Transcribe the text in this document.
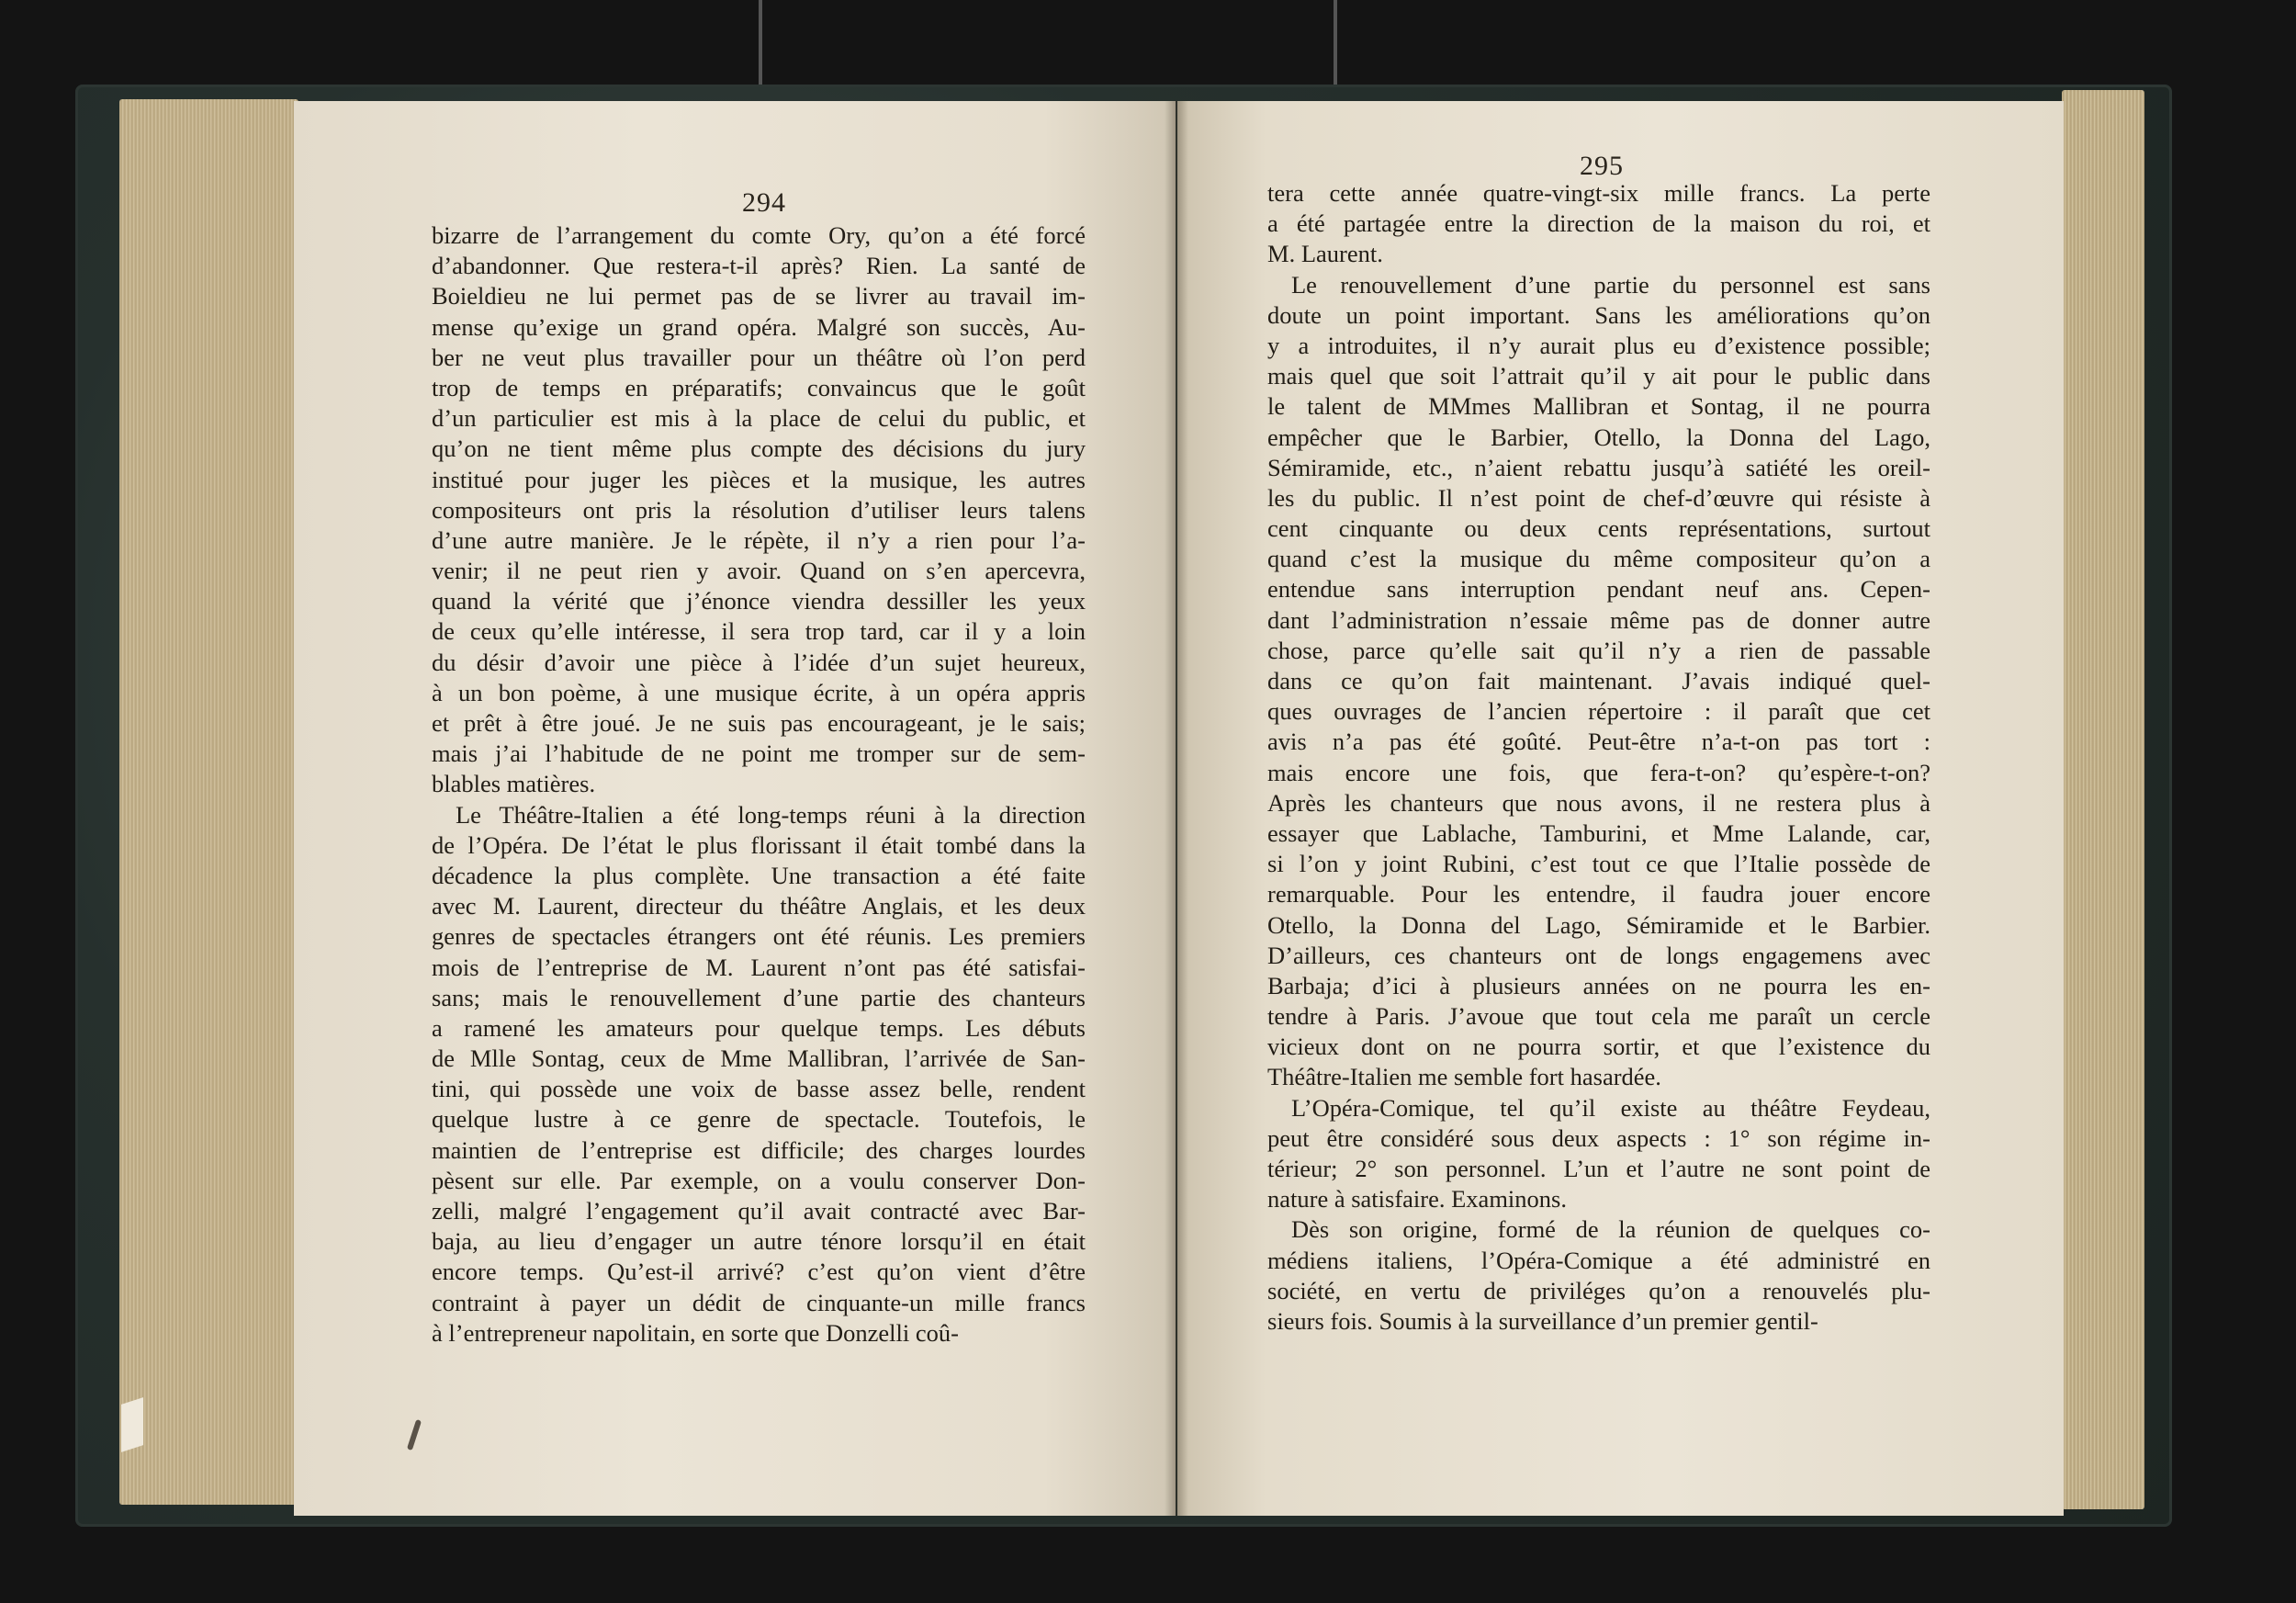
294
295
bizarre de l’arrangement du comte Ory, qu’on a été forcé
d’abandonner. Que restera-t-il après? Rien. La santé de
Boieldieu ne lui permet pas de se livrer au travail im-
mense qu’exige un grand opéra. Malgré son succès, Au-
ber ne veut plus travailler pour un théâtre où l’on perd
trop de temps en préparatifs; convaincus que le goût
d’un particulier est mis à la place de celui du public, et
qu’on ne tient même plus compte des décisions du jury
institué pour juger les pièces et la musique, les autres
compositeurs ont pris la résolution d’utiliser leurs talens
d’une autre manière. Je le répète, il n’y a rien pour l’a-
venir; il ne peut rien y avoir. Quand on s’en apercevra,
quand la vérité que j’énonce viendra dessiller les yeux
de ceux qu’elle intéresse, il sera trop tard, car il y a loin
du désir d’avoir une pièce à l’idée d’un sujet heureux,
à un bon poème, à une musique écrite, à un opéra appris
et prêt à être joué. Je ne suis pas encourageant, je le sais;
mais j’ai l’habitude de ne point me tromper sur de sem-
blables matières.
Le Théâtre-Italien a été long-temps réuni à la direction
de l’Opéra. De l’état le plus florissant il était tombé dans la
décadence la plus complète. Une transaction a été faite
avec M. Laurent, directeur du théâtre Anglais, et les deux
genres de spectacles étrangers ont été réunis. Les premiers
mois de l’entreprise de M. Laurent n’ont pas été satisfai-
sans; mais le renouvellement d’une partie des chanteurs
a ramené les amateurs pour quelque temps. Les débuts
de Mlle Sontag, ceux de Mme Mallibran, l’arrivée de San-
tini, qui possède une voix de basse assez belle, rendent
quelque lustre à ce genre de spectacle. Toutefois, le
maintien de l’entreprise est difficile; des charges lourdes
pèsent sur elle. Par exemple, on a voulu conserver Don-
zelli, malgré l’engagement qu’il avait contracté avec Bar-
baja, au lieu d’engager un autre ténore lorsqu’il en était
encore temps. Qu’est-il arrivé? c’est qu’on vient d’être
contraint à payer un dédit de cinquante-un mille francs
à l’entrepreneur napolitain, en sorte que Donzelli coû-
tera cette année quatre-vingt-six mille francs. La perte
a été partagée entre la direction de la maison du roi, et
M. Laurent.
Le renouvellement d’une partie du personnel est sans
doute un point important. Sans les améliorations qu’on
y a introduites, il n’y aurait plus eu d’existence possible;
mais quel que soit l’attrait qu’il y ait pour le public dans
le talent de MMmes Mallibran et Sontag, il ne pourra
empêcher que le Barbier, Otello, la Donna del Lago,
Sémiramide, etc., n’aient rebattu jusqu’à satiété les oreil-
les du public. Il n’est point de chef-d’œuvre qui résiste à
cent cinquante ou deux cents représentations, surtout
quand c’est la musique du même compositeur qu’on a
entendue sans interruption pendant neuf ans. Cepen-
dant l’administration n’essaie même pas de donner autre
chose, parce qu’elle sait qu’il n’y a rien de passable
dans ce qu’on fait maintenant. J’avais indiqué quel-
ques ouvrages de l’ancien répertoire : il paraît que cet
avis n’a pas été goûté. Peut-être n’a-t-on pas tort :
mais encore une fois, que fera-t-on? qu’espère-t-on?
Après les chanteurs que nous avons, il ne restera plus à
essayer que Lablache, Tamburini, et Mme Lalande, car,
si l’on y joint Rubini, c’est tout ce que l’Italie possède de
remarquable. Pour les entendre, il faudra jouer encore
Otello, la Donna del Lago, Sémiramide et le Barbier.
D’ailleurs, ces chanteurs ont de longs engagemens avec
Barbaja; d’ici à plusieurs années on ne pourra les en-
tendre à Paris. J’avoue que tout cela me paraît un cercle
vicieux dont on ne pourra sortir, et que l’existence du
Théâtre-Italien me semble fort hasardée.
L’Opéra-Comique, tel qu’il existe au théâtre Feydeau,
peut être considéré sous deux aspects : 1° son régime in-
térieur; 2° son personnel. L’un et l’autre ne sont point de
nature à satisfaire. Examinons.
Dès son origine, formé de la réunion de quelques co-
médiens italiens, l’Opéra-Comique a été administré en
société, en vertu de priviléges qu’on a renouvelés plu-
sieurs fois. Soumis à la surveillance d’un premier gentil-
